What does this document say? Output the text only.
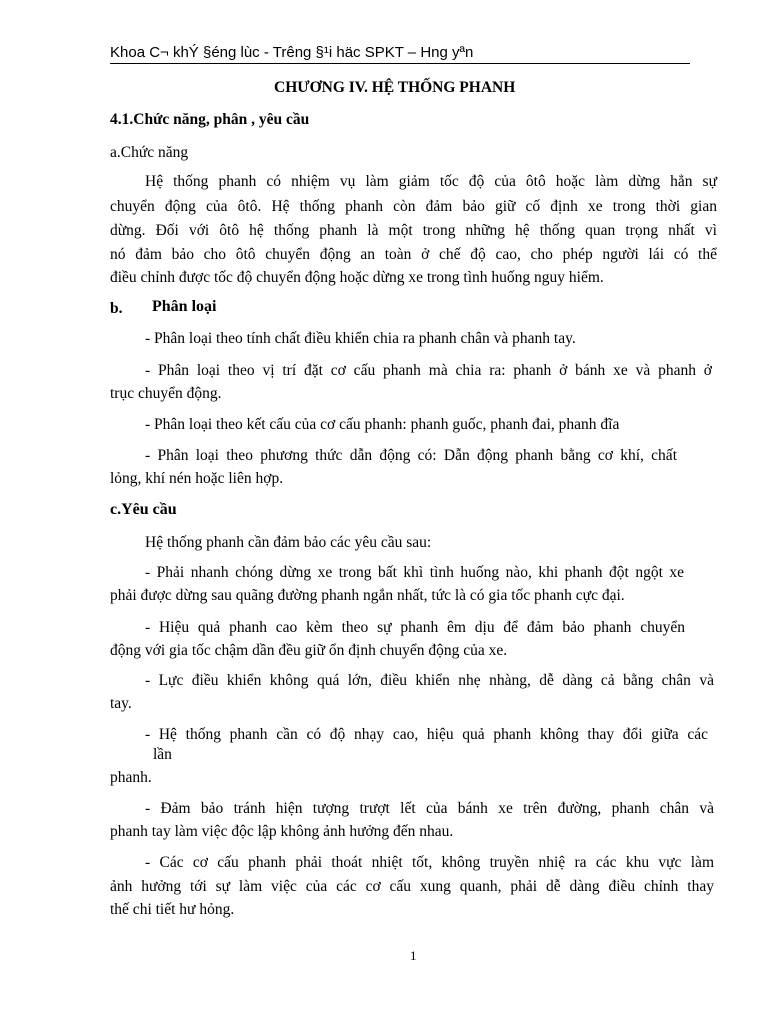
Khoa C¬ khÝ §éng lùc - Trêng §¹i häc SPKT – Hng yªn
CHƯƠNG IV. HỆ THỐNG PHANH
4.1.Chức năng, phân , yêu cầu
a.Chức năng
Hệ thống phanh có nhiệm vụ làm giảm tốc độ của ôtô hoặc làm dừng hẳn sự
chuyển động của ôtô. Hệ thống phanh còn đảm bảo giữ cố định xe trong thời gian
dừng. Đối với ôtô hệ thống phanh là một trong những hệ thống quan trọng nhất vì
nó đảm bảo cho ôtô chuyển động an toàn ở chế độ cao, cho phép người lái có thể
điều chỉnh được tốc độ chuyển động hoặc dừng xe trong tình huống nguy hiểm.
b. Phân loại
- Phân loại theo tính chất điều khiển chia ra phanh chân và phanh tay.
- Phân loại theo vị trí đặt cơ cấu phanh mà chia ra: phanh ở bánh xe và phanh ở
trục chuyển động.
- Phân loại theo kết cấu của cơ cấu phanh: phanh guốc, phanh đai, phanh đĩa
- Phân loại theo phương thức dẫn động có: Dẫn động phanh bằng cơ khí, chất
lỏng, khí nén hoặc liên hợp.
c.Yêu cầu
Hệ thống phanh cần đảm bảo các yêu cầu sau:
- Phải nhanh chóng dừng xe trong bất khì tình huống nào, khi phanh đột ngột xe
phải được dừng sau quãng đường phanh ngắn nhất, tức là có gia tốc phanh cực đại.
- Hiệu quả phanh cao kèm theo sự phanh êm dịu để đảm bảo phanh chuyển
động với gia tốc chậm dần đều giữ ổn định chuyển động của xe.
- Lực điều khiển không quá lớn, điều khiển nhẹ nhàng, dễ dàng cả bằng chân và
tay.
- Hệ thống phanh cần có độ nhạy cao, hiệu quả phanh không thay đổi giữa các
lần
phanh.
- Đảm bảo tránh hiện tượng trượt lết của bánh xe trên đường, phanh chân và
phanh tay làm việc độc lập không ảnh hưởng đến nhau.
- Các cơ cấu phanh phải thoát nhiệt tốt, không truyền nhiệ ra các khu vực làm
ảnh hưởng tới sự làm việc của các cơ cấu xung quanh, phải dễ dàng điều chỉnh thay
thế chi tiết hư hỏng.
1
